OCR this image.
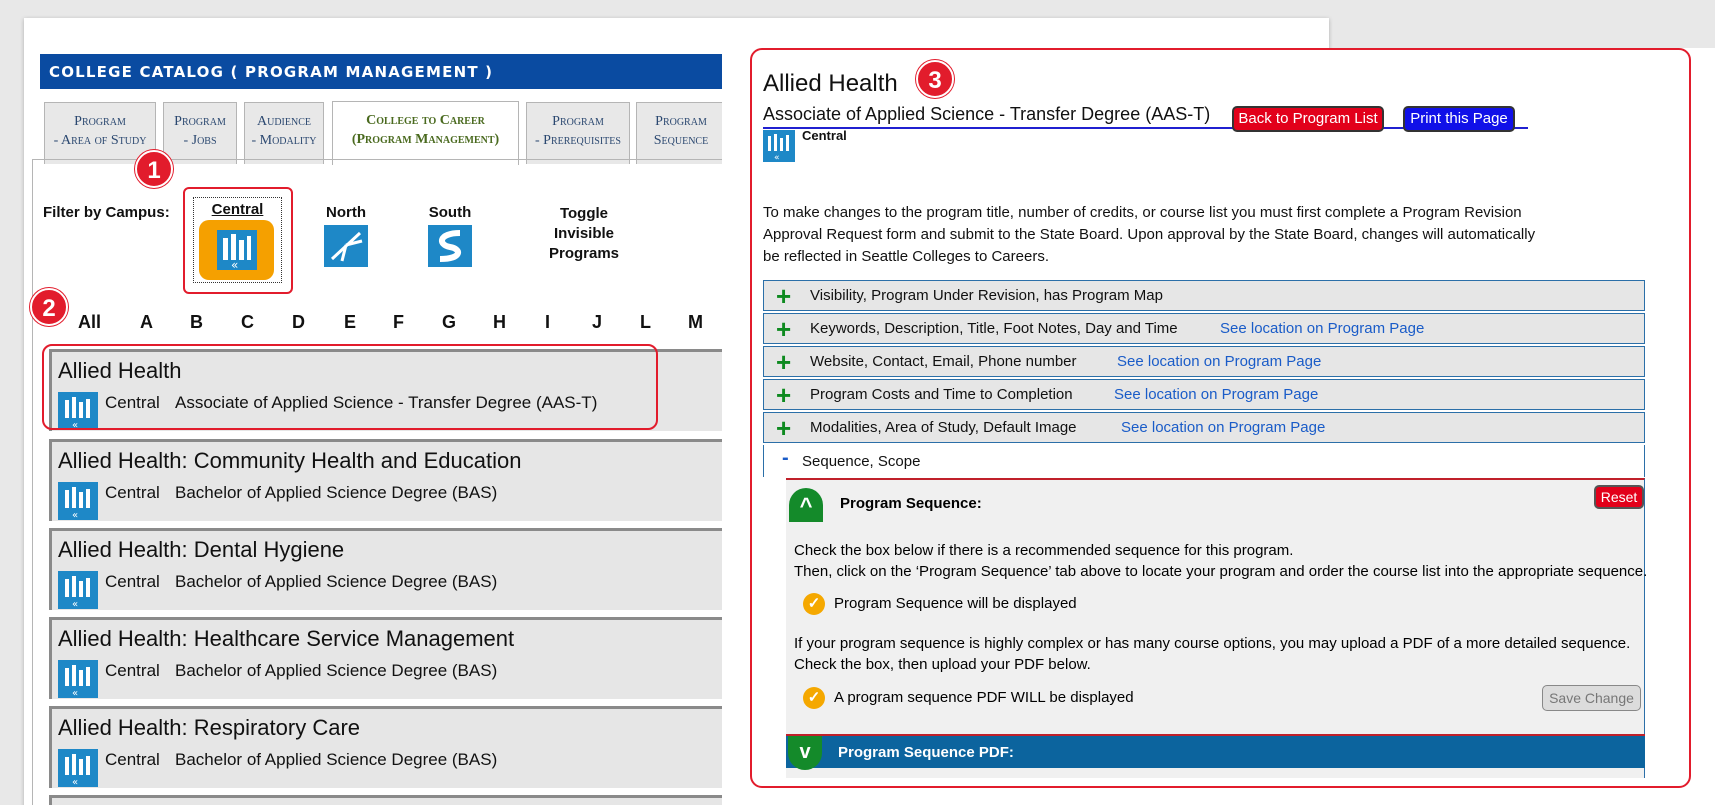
COLLEGE CATALOG ( PROGRAM MANAGEMENT )
Program
- Area of Study
Program
- Jobs
Audience
- Modality
College to Career
(Program Management)
Program
- Prerequisites
Program
Sequence
Filter by Campus:	Central
«
North	South	Toggle Invisible Programs
All A B C D E F G H I J L M
Allied Health
«
Central Associate of Applied Science - Transfer Degree (AAS-T)
Allied Health: Community Health and Education
«
Central Bachelor of Applied Science Degree (BAS)
Allied Health: Dental Hygiene
«
Central Bachelor of Applied Science Degree (BAS)
Allied Health: Healthcare Service Management
«
Central Bachelor of Applied Science Degree (BAS)
Allied Health: Respiratory Care
«
Central Bachelor of Applied Science Degree (BAS)
Allied Health
Associate of Applied Science - Transfer Degree (AAS-T)	Back to Program List	Print this Page
«
Central
To make changes to the program title, number of credits, or course list you must first complete a Program Revision Approval Request form and submit to the State Board. Upon approval by the State Board, changes will automatically be reflected in Seattle Colleges to Careers.
+ Visibility, Program Under Revision, has Program Map
+ Keywords, Description, Title, Foot Notes, Day and Time	See location on Program Page
+ Website, Contact, Email, Phone number	See location on Program Page
+ Program Costs and Time to Completion	See location on Program Page
+ Modalities, Area of Study, Default Image	See location on Program Page
- Sequence, Scope
^	Program Sequence:	Reset
Check the box below if there is a recommended sequence for this program.
Then, click on the ‘Program Sequence’ tab above to locate your program and order the course list into the appropriate sequence.
✓ Program Sequence will be displayed
If your program sequence is highly complex or has many course options, you may upload a PDF of a more detailed sequence.
Check the box, then upload your PDF below.
✓ A program sequence PDF WILL be displayed	Save Change
v	Program Sequence PDF:
1
2
3
